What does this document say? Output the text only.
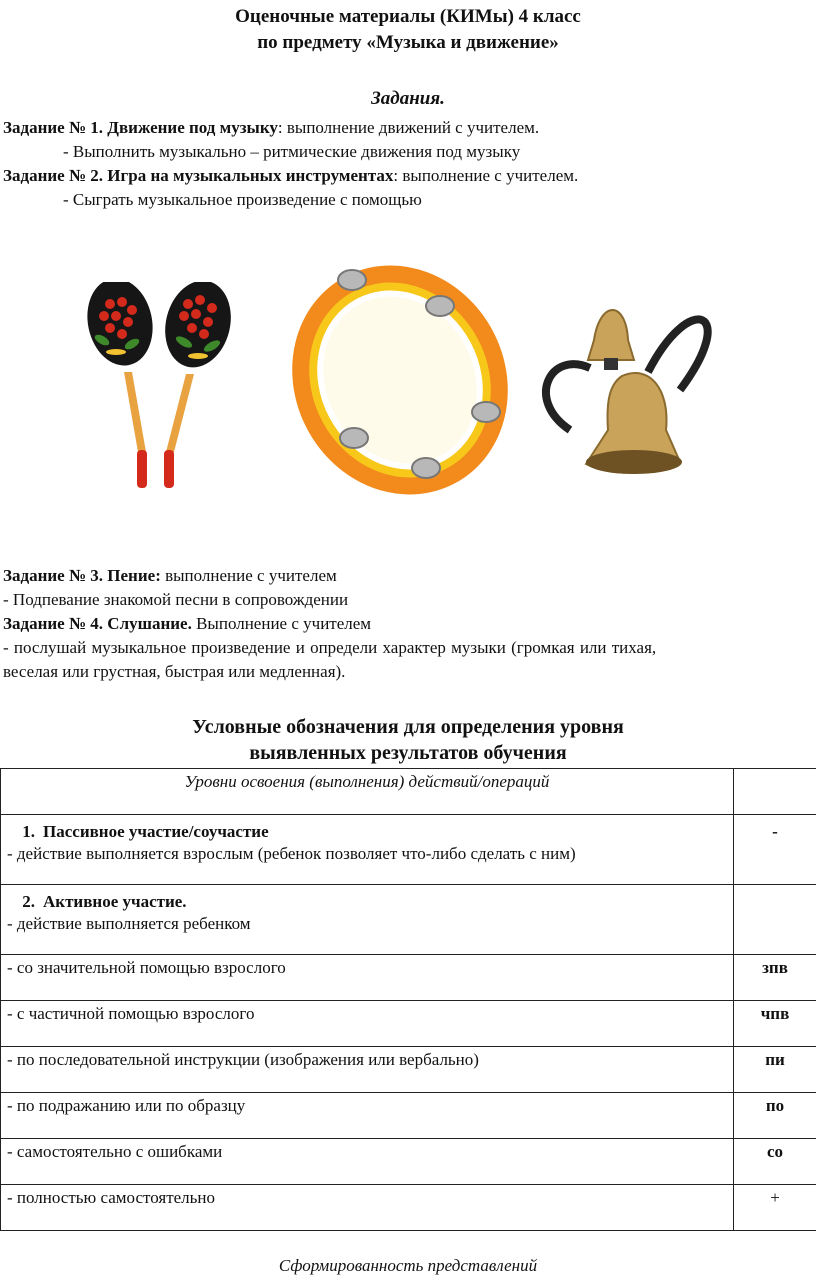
Оценочные материалы (КИМы) 4 класс
по предмету «Музыка и движение»
Задания.
Задание № 1. Движение под музыку: выполнение движений с учителем.
- Выполнить музыкально – ритмические движения под музыку
Задание № 2. Игра на музыкальных инструментах: выполнение с учителем.
- Сыграть музыкальное произведение с помощью
Задание № 3. Пение: выполнение с учителем
- Подпевание знакомой песни в сопровождении
Задание № 4. Слушание. Выполнение с учителем
- послушай музыкальное произведение и определи характер музыки (громкая или тихая,
веселая или грустная, быстрая или медленная).
Условные обозначения для определения уровня
выявленных результатов обучения
Уровни освоения (выполнения) действий/операций	

1. Пассивное участие/соучастие
- действие выполняется взрослым (ребенок позволяет что-либо сделать с ним)	-

2. Активное участие.
- действие выполняется ребенком	

- со значительной помощью взрослого	зпв

- с частичной помощью взрослого	чпв

- по последовательной инструкции (изображения или вербально)	пи

- по подражанию или по образцу	по

- самостоятельно с ошибками	со

- полностью самостоятельно	+
Сформированность представлений
